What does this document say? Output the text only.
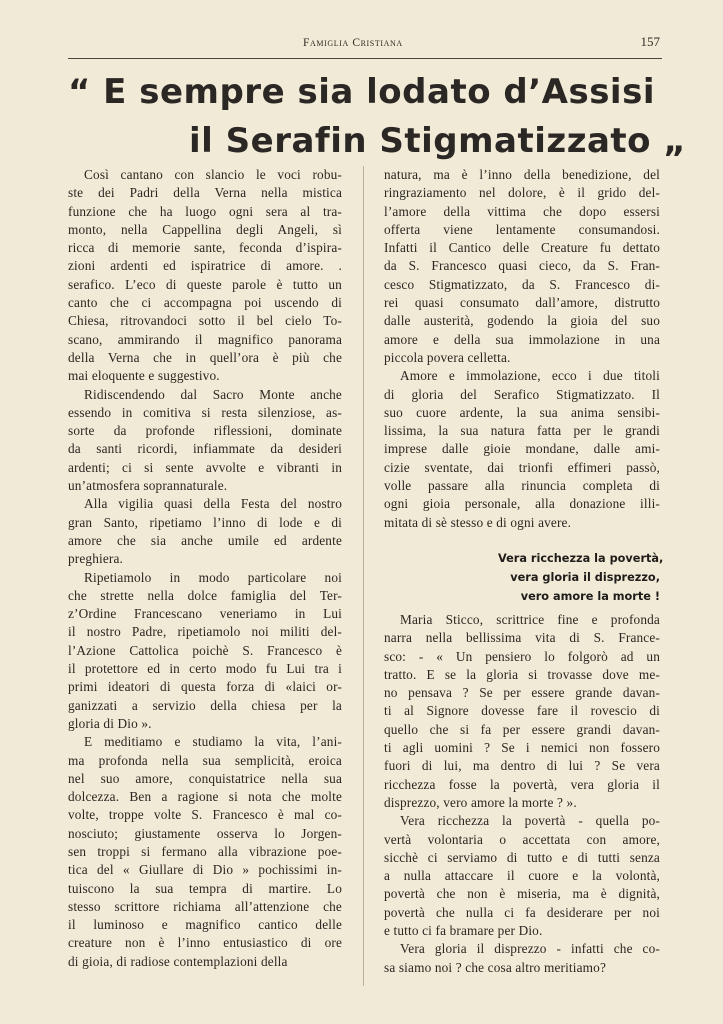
Famiglia Cristiana	157
“ E sempre sia lodato d’Assisi
il Serafin Stigmatizzato „
Così cantano con slancio le voci robu-
ste dei Padri della Verna nella mistica
funzione che ha luogo ogni sera al tra-
monto, nella Cappellina degli Angeli, sì
ricca di memorie sante, feconda d’ispira-
zioni ardenti ed ispiratrice di amore. .
serafico. L’eco di queste parole è tutto un
canto che ci accompagna poi uscendo di
Chiesa, ritrovandoci sotto il bel cielo To-
scano, ammirando il magnifico panorama
della Verna che in quell’ora è più che
mai eloquente e suggestivo.
Ridiscendendo dal Sacro Monte anche
essendo in comitiva si resta silenziose, as-
sorte da profonde riflessioni, dominate
da santi ricordi, infiammate da desideri
ardenti; ci si sente avvolte e vibranti in
un’atmosfera soprannaturale.
Alla vigilia quasi della Festa del nostro
gran Santo, ripetiamo l’inno di lode e di
amore che sia anche umile ed ardente
preghiera.
Ripetiamolo in modo particolare noi
che strette nella dolce famiglia del Ter-
z’Ordine Francescano veneriamo in Lui
il nostro Padre, ripetiamolo noi militi del-
l’Azione Cattolica poichè S. Francesco è
il protettore ed in certo modo fu Lui tra i
primi ideatori di questa forza di «laici or-
ganizzati a servizio della chiesa per la
gloria di Dio ».
E meditiamo e studiamo la vita, l’ani-
ma profonda nella sua semplicità, eroica
nel suo amore, conquistatrice nella sua
dolcezza. Ben a ragione si nota che molte
volte, troppe volte S. Francesco è mal co-
nosciuto; giustamente osserva lo Jorgen-
sen troppi si fermano alla vibrazione poe-
tica del « Giullare di Dio » pochissimi in-
tuiscono la sua tempra di martire. Lo
stesso scrittore richiama all’attenzione che
il luminoso e magnifico cantico delle
creature non è l’inno entusiastico di ore
di gioia, di radiose contemplazioni della
natura, ma è l’inno della benedizione, del
ringraziamento nel dolore, è il grido del-
l’amore della vittima che dopo essersi
offerta viene lentamente consumandosi.
Infatti il Cantico delle Creature fu dettato
da S. Francesco quasi cieco, da S. Fran-
cesco Stigmatizzato, da S. Francesco di-
rei quasi consumato dall’amore, distrutto
dalle austerità, godendo la gioia del suo
amore e della sua immolazione in una
piccola povera celletta.
Amore e immolazione, ecco i due titoli
di gloria del Serafico Stigmatizzato. Il
suo cuore ardente, la sua anima sensibi-
lissima, la sua natura fatta per le grandi
imprese dalle gioie mondane, dalle ami-
cizie sventate, dai trionfi effimeri passò,
volle passare alla rinuncia completa di
ogni gioia personale, alla donazione illi-
mitata di sè stesso e di ogni avere.
Vera ricchezza la povertà,
vera gloria il disprezzo,
vero amore la morte !
Maria Sticco, scrittrice fine e profonda
narra nella bellissima vita di S. France-
sco: - « Un pensiero lo folgorò ad un
tratto. E se la gloria si trovasse dove me-
no pensava ? Se per essere grande davan-
ti al Signore dovesse fare il rovescio di
quello che si fa per essere grandi davan-
ti agli uomini ? Se i nemici non fossero
fuori di lui, ma dentro di lui ? Se vera
ricchezza fosse la povertà, vera gloria il
disprezzo, vero amore la morte ? ».
Vera ricchezza la povertà - quella po-
vertà volontaria o accettata con amore,
sicchè ci serviamo di tutto e di tutti senza
a nulla attaccare il cuore e la volontà,
povertà che non è miseria, ma è dignità,
povertà che nulla ci fa desiderare per noi
e tutto ci fa bramare per Dio.
Vera gloria il disprezzo - infatti che co-
sa siamo noi ? che cosa altro meritiamo?
